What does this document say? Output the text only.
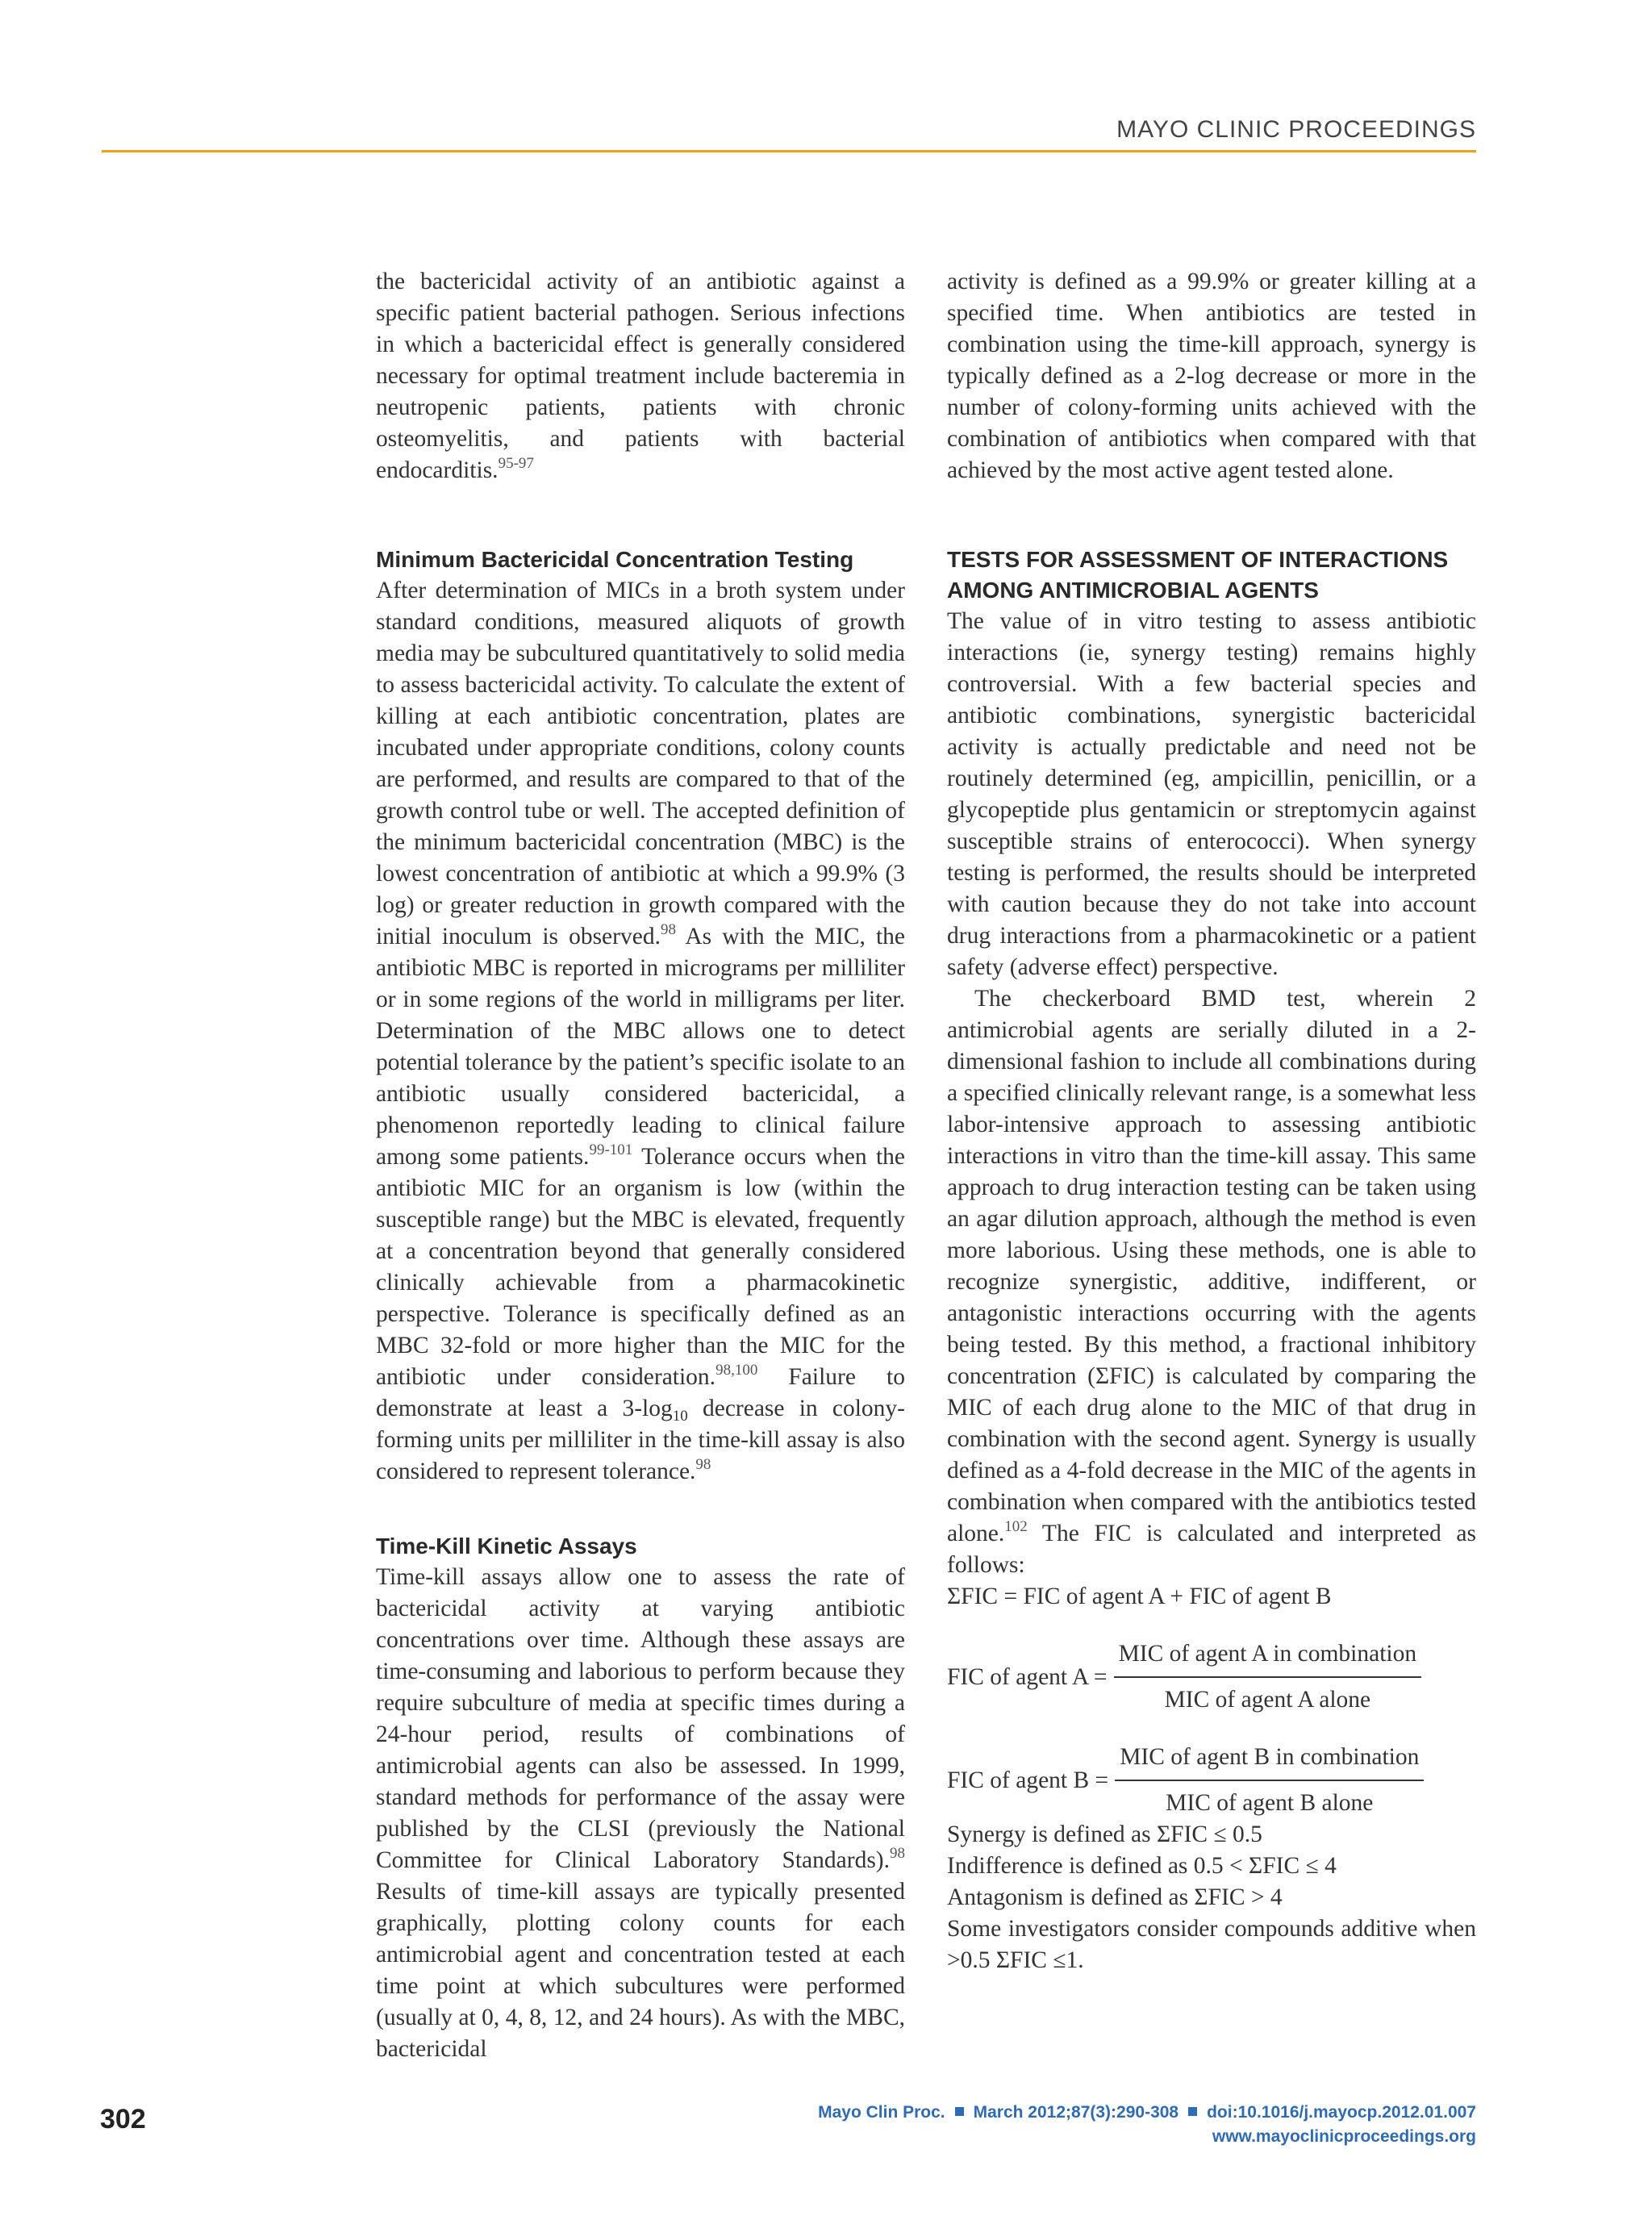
MAYO CLINIC PROCEEDINGS

the bactericidal activity of an antibiotic against a specific patient bacterial pathogen. Serious infections in which a bactericidal effect is generally considered necessary for optimal treatment include bacteremia in neutropenic patients, patients with chronic osteomyelitis, and patients with bacterial endocarditis.$^{95-97}$

Minimum Bactericidal Concentration Testing

After determination of MICs in a broth system under standard conditions, measured aliquots of growth media may be subcultured quantitatively to solid media to assess bactericidal activity. To calculate the extent of killing at each antibiotic concentration, plates are incubated under appropriate conditions, colony counts are performed, and results are compared to that of the growth control tube or well. The accepted definition of the minimum bactericidal concentration (MBC) is the lowest concentration of antibiotic at which a 99.9% (3 log) or greater reduction in growth compared with the initial inoculum is observed.$^{98}$ As with the MIC, the antibiotic MBC is reported in micrograms per milliliter or in some regions of the world in milligrams per liter. Determination of the MBC allows one to detect potential tolerance by the patient’s specific isolate to an antibiotic usually considered bactericidal, a phenomenon reportedly leading to clinical failure among some patients.$^{99-101}$ Tolerance occurs when the antibiotic MIC for an organism is low (within the susceptible range) but the MBC is elevated, frequently at a concentration beyond that generally considered clinically achievable from a pharmacokinetic perspective. Tolerance is specifically defined as an MBC 32-fold or more higher than the MIC for the antibiotic under consideration.$^{98,100}$ Failure to demonstrate at least a $3-\log_{10}$ decrease in colony-forming units per milliliter in the time-kill assay is also considered to represent tolerance.$^{98}$

Time-Kill Kinetic Assays

Time-kill assays allow one to assess the rate of bactericidal activity at varying antibiotic concentrations over time. Although these assays are time-consuming and laborious to perform because they require subculture of media at specific times during a 24-hour period, results of combinations of antimicrobial agents can also be assessed. In 1999, standard methods for performance of the assay were published by the CLSI (previously the National Committee for Clinical Laboratory Standards).$^{98}$ Results of time-kill assays are typically presented graphically, plotting colony counts for each antimicrobial agent and concentration tested at each time point at which subcultures were performed (usually at 0, 4, 8, 12, and 24 hours). As with the MBC, bactericidal

activity is defined as a 99.9% or greater killing at a specified time. When antibiotics are tested in combination using the time-kill approach, synergy is typically defined as a 2-log decrease or more in the number of colony-forming units achieved with the combination of antibiotics when compared with that achieved by the most active agent tested alone.

TESTS FOR ASSESSMENT OF INTERACTIONS AMONG ANTIMICROBIAL AGENTS

The value of in vitro testing to assess antibiotic interactions (ie, synergy testing) remains highly controversial. With a few bacterial species and antibiotic combinations, synergistic bactericidal activity is actually predictable and need not be routinely determined (eg, ampicillin, penicillin, or a glycopeptide plus gentamicin or streptomycin against susceptible strains of enterococci). When synergy testing is performed, the results should be interpreted with caution because they do not take into account drug interactions from a pharmacokinetic or a patient safety (adverse effect) perspective.

The checkerboard BMD test, wherein 2 antimicrobial agents are serially diluted in a 2-dimensional fashion to include all combinations during a specified clinically relevant range, is a somewhat less labor-intensive approach to assessing antibiotic interactions in vitro than the time-kill assay. This same approach to drug interaction testing can be taken using an agar dilution approach, although the method is even more laborious. Using these methods, one is able to recognize synergistic, additive, indifferent, or antagonistic interactions occurring with the agents being tested. By this method, a fractional inhibitory concentration (ΣFIC) is calculated by comparing the MIC of each drug alone to the MIC of that drug in combination with the second agent. Synergy is usually defined as a 4-fold decrease in the MIC of the agents in combination when compared with the antibiotics tested alone.$^{102}$ The FIC is calculated and interpreted as follows:

ΣFIC = FIC of agent A + FIC of agent B

FIC of agent $A = \frac{\text{MIC of agent A in combination}}{\text{MIC of agent A alone}}$
FIC of agent $B = \frac{\text{MIC of agent B in combination}}{\text{MIC of agent B alone}}$

Synergy is defined as ΣFIC ≤ 0.5

Indifference is defined as 0.5 < ΣFIC ≤ 4

Antagonism is defined as ΣFIC > 4

Some investigators consider compounds additive when >0.5 ΣFIC ≤1.

302	Mayo Clin Proc. March 2012;87(3):290-308 doi:10.1016/j.mayocp.2012.01.007
www.mayoclinicproceedings.org
